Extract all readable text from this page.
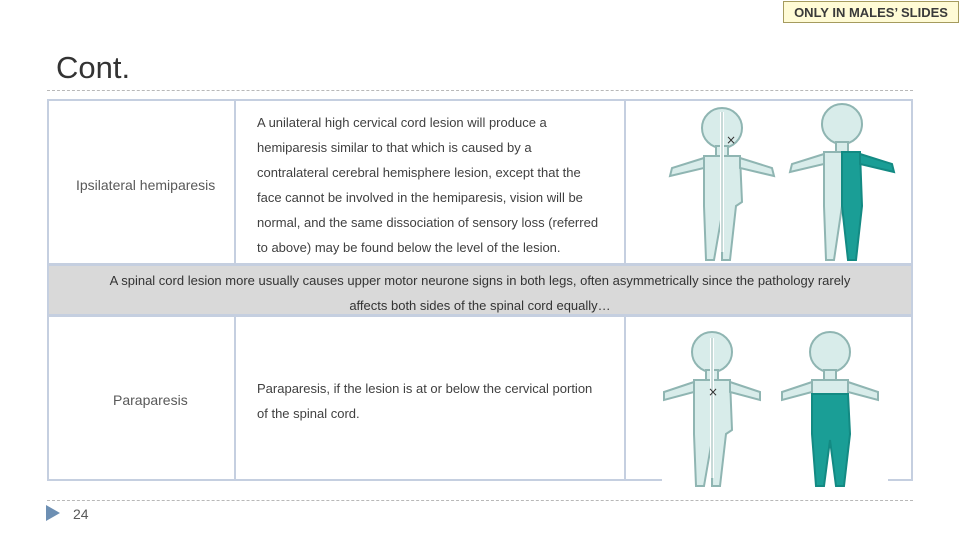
ONLY IN MALES’ SLIDES
Cont.
Ipsilateral hemiparesis
A unilateral high cervical cord lesion will produce a
hemiparesis similar to that which is caused by a
contralateral cerebral hemisphere lesion, except that the
face cannot be involved in the hemiparesis, vision will be
normal, and the same dissociation of sensory loss (referred
to above) may be found below the level of the lesion.
×
A spinal cord lesion more usually causes upper motor neurone signs in both legs, often asymmetrically since the pathology rarely
affects both sides of the spinal cord equally…
Paraparesis
Paraparesis, if the lesion is at or below the cervical portion
of the spinal cord.
×
24
